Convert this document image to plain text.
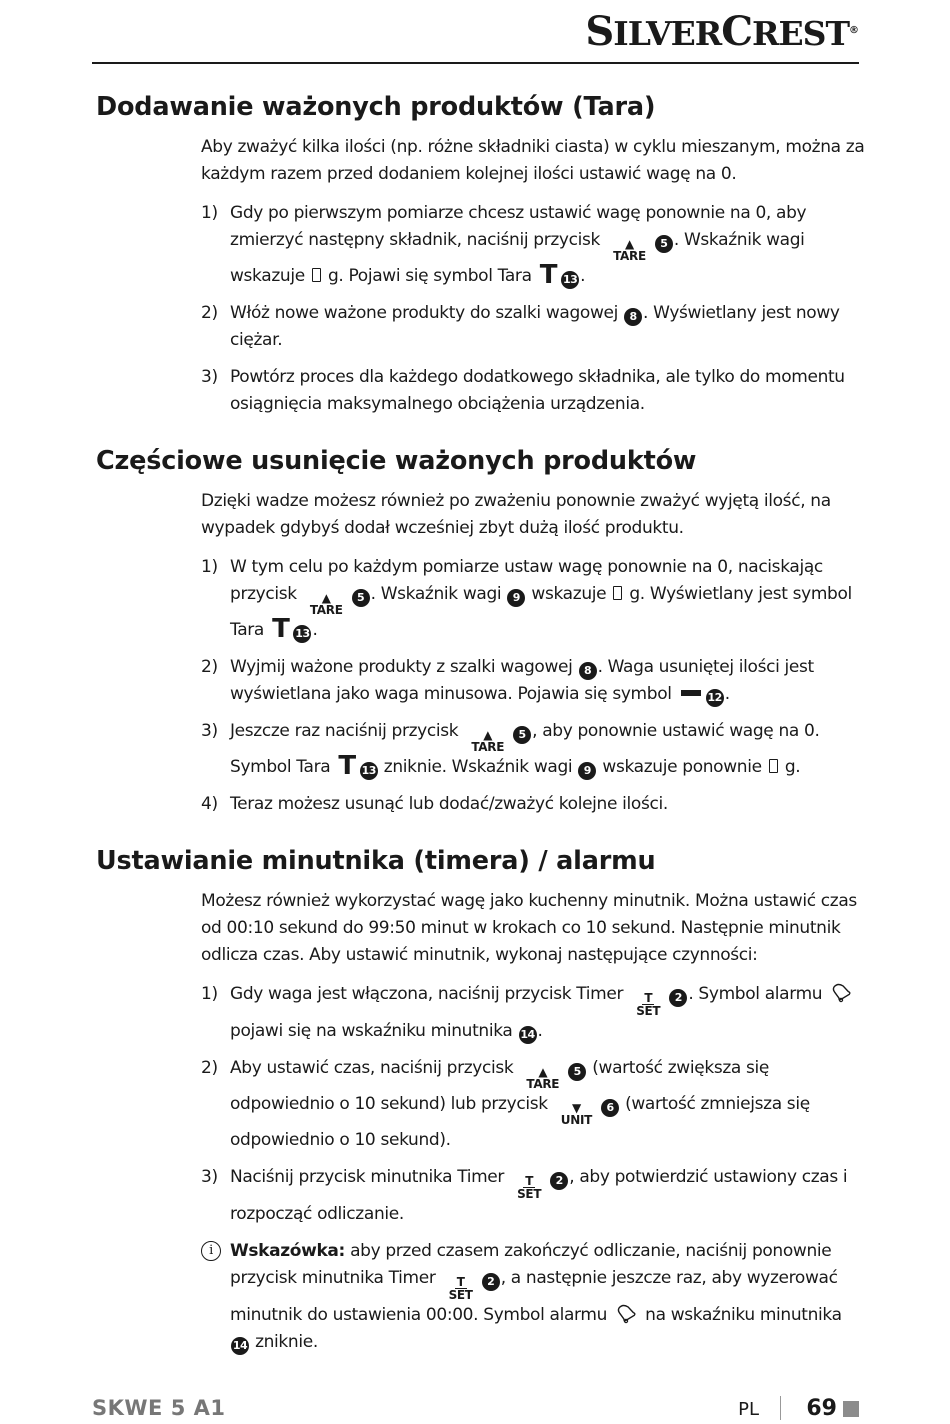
SILVERCREST®
Dodawanie ważonych produktów (Tara)

Aby zważyć kilka ilości (np. różne składniki ciasta) w cyklu mieszanym, można za każdym razem przed dodaniem kolejnej ilości ustawić wagę na 0.

1) Gdy po pierwszym pomiarze chcesz ustawić wagę ponownie na 0, aby zmierzyć następny składnik, naciśnij przycisk ▲
TARE
5 . Wskaźnik wagi wskazuje g. Pojawi się symbol Tara T 13 .
2) Włóż nowe ważone produkty do szalki wagowej 8 . Wyświetlany jest nowy ciężar.
3) Powtórz proces dla każdego dodatkowego składnika, ale tylko do momentu osiągnięcia maksymalnego obciążenia urządzenia.
Częściowe usunięcie ważonych produktów

Dzięki wadze możesz również po zważeniu ponownie zważyć wyjętą ilość, na wypadek gdybyś dodał wcześniej zbyt dużą ilość produktu.

1) W tym celu po każdym pomiarze ustaw wagę ponownie na 0, naciskając przycisk ▲
TARE
5 . Wskaźnik wagi 9 wskazuje g. Wyświetlany jest symbol Tara T 13 .
2) Wyjmij ważone produkty z szalki wagowej 8 . Waga usuniętej ilości jest wyświetlana jako waga minusowa. Pojawia się symbol	12 .
3) Jeszcze raz naciśnij przycisk ▲
TARE
5 , aby ponownie ustawić wagę na 0. Symbol Tara T 13 zniknie. Wskaźnik wagi 9 wskazuje ponownie g.
4) Teraz możesz usunąć lub dodać/zważyć kolejne ilości.
Ustawianie minutnika (timera) / alarmu

Możesz również wykorzystać wagę jako kuchenny minutnik. Można ustawić czas od 00:10 sekund do 99:50 minut w krokach co 10 sekund. Następnie minutnik odlicza czas. Aby ustawić minutnik, wykonaj następujące czynności:

1) Gdy waga jest włączona, naciśnij przycisk Timer T
SET
2 . Symbol alarmu  pojawi się na wskaźniku minutnika 14 .
2) Aby ustawić czas, naciśnij przycisk ▲
TARE
5 (wartość zwiększa się odpowiednio o 10 sekund) lub przycisk ▼
UNIT
6 (wartość zmniejsza się odpowiednio o 10 sekund).
3) Naciśnij przycisk minutnika Timer T
SET
2 , aby potwierdzić ustawiony czas i rozpocząć odliczanie.
i	Wskazówka: aby przed czasem zakończyć odliczanie, naciśnij ponownie przycisk minutnika Timer T
SET
2 , a następnie jeszcze raz, aby wyzerować minutnik do ustawienia 00:00. Symbol alarmu na wskaźniku minutnika 14 zniknie.
SKWE 5 A1	PL 69
